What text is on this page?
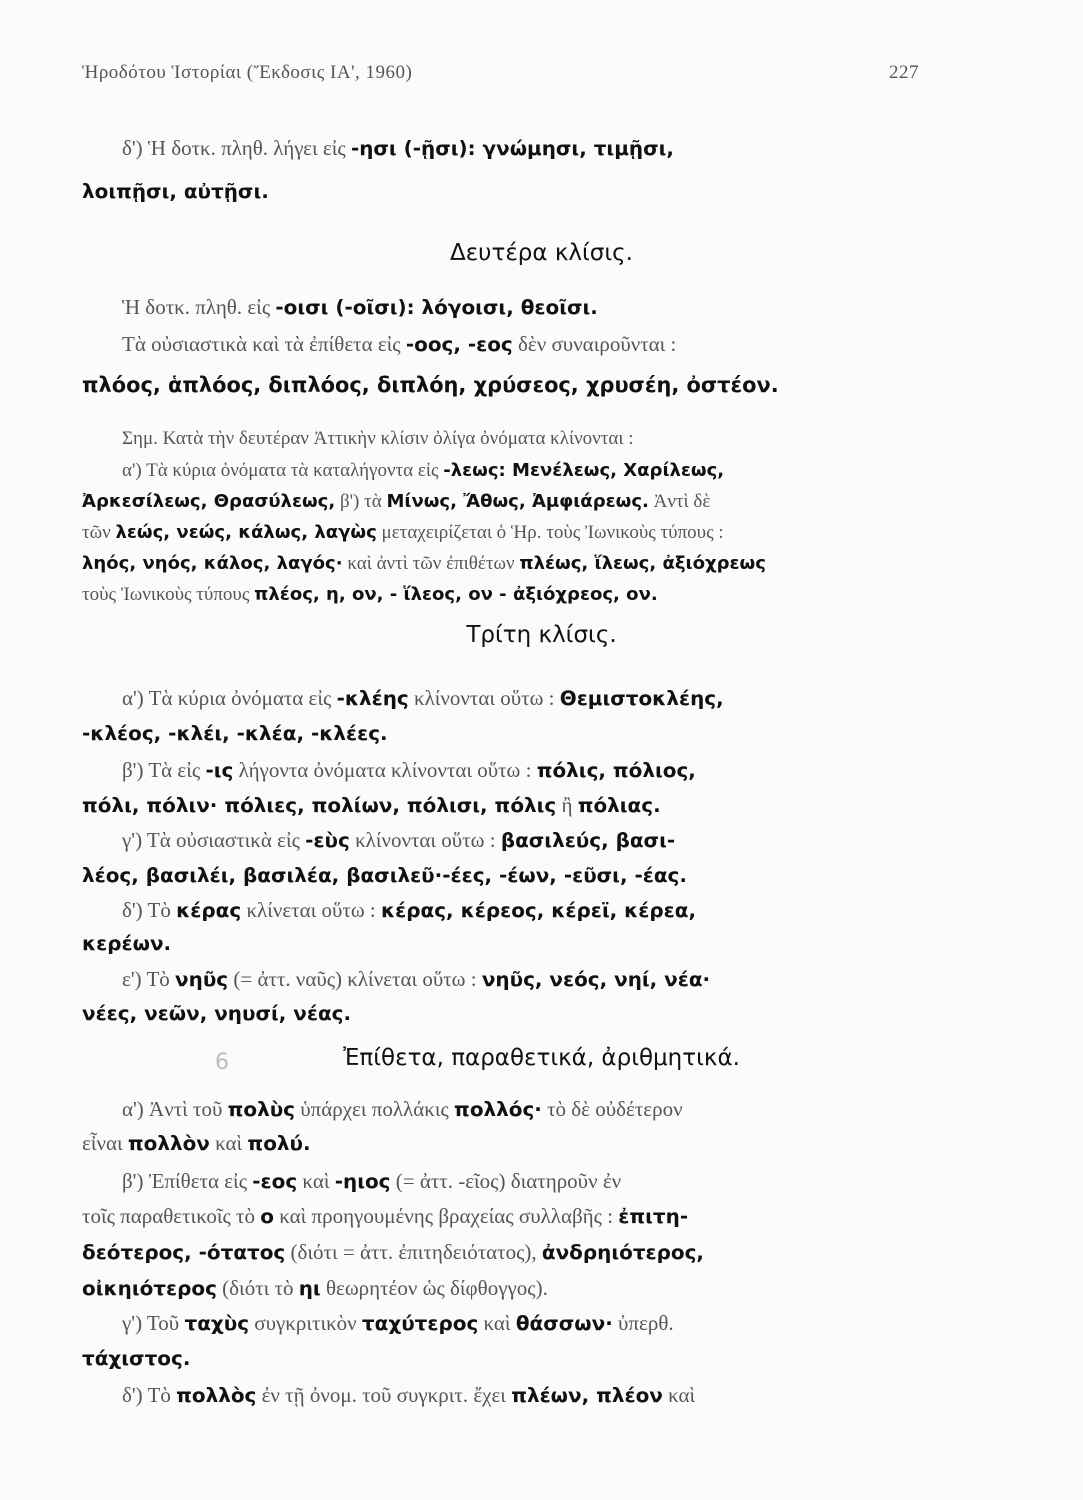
Ἡροδότου Ἱστορίαι (Ἔκδοσις ΙΑ', 1960)	227
δ') Ἡ δοτκ. πληθ. λήγει εἰς -ησι (-ῇσι): γνώμησι, τιμῇσι,
λοιπῇσι, αὐτῇσι.
Δευτέρα κλίσις.
Ἡ δοτκ. πληθ. εἰς -οισι (-οῖσι): λόγοισι, θεοῖσι.
Τὰ οὐσιαστικὰ καὶ τὰ ἐπίθετα εἰς -οος, -εος δὲν συναιροῦνται :
πλόος, ἁπλόος, διπλόος, διπλόη, χρύσεος, χρυσέη, ὀστέον.
Σημ. Κατὰ τὴν δευτέραν Ἀττικὴν κλίσιν ὀλίγα ὀνόματα κλίνονται :
α') Τὰ κύρια ὀνόματα τὰ καταλήγοντα εἰς -λεως: Μενέλεως, Χαρίλεως,
Ἀρκεσίλεως, Θρασύλεως, β') τὰ Μίνως, Ἄθως, Ἀμφιάρεως. Ἀντὶ δὲ
τῶν λεώς, νεώς, κάλως, λαγὼς μεταχειρίζεται ὁ Ἡρ. τοὺς Ἰωνικοὺς τύπους :
ληός, νηός, κάλος, λαγός· καὶ ἀντὶ τῶν ἐπιθέτων πλέως, ἵλεως, ἀξιόχρεως
τοὺς Ἰωνικοὺς τύπους πλέος, η, ον, - ἵλεος, ον - ἀξιόχρεος, ον.
Τρίτη κλίσις.
α') Τὰ κύρια ὀνόματα εἰς -κλέης κλίνονται οὕτω : Θεμιστοκλέης,
-κλέος, -κλέι, -κλέα, -κλέες.
β') Τὰ εἰς -ις λήγοντα ὀνόματα κλίνονται οὕτω : πόλις, πόλιος,
πόλι, πόλιν· πόλιες, πολίων, πόλισι, πόλις ἢ πόλιας.
γ') Τὰ οὐσιαστικὰ εἰς -εὺς κλίνονται οὕτω : βασιλεύς, βασι-
λέος, βασιλέι, βασιλέα, βασιλεῦ·-έες, -έων, -εῦσι, -έας.
δ') Τὸ κέρας κλίνεται οὕτω : κέρας, κέρεος, κέρεϊ, κέρεα,
κερέων.
ε') Τὸ νηῦς (= ἀττ. ναῦς) κλίνεται οὕτω : νηῦς, νεός, νηί, νέα·
νέες, νεῶν, νηυσί, νέας.
6	Ἐπίθετα, παραθετικά, ἀριθμητικά.
α') Ἀντὶ τοῦ πολὺς ὑπάρχει πολλάκις πολλός· τὸ δὲ οὐδέτερον
εἶναι πολλὸν καὶ πολύ.
β') Ἐπίθετα εἰς -εος καὶ -ηιος (= ἀττ. -εῖος) διατηροῦν ἐν
τοῖς παραθετικοῖς τὸ ο καὶ προηγουμένης βραχείας συλλαβῆς : ἐπιτη-
δεότερος, -ότατος (διότι = ἀττ. ἐπιτηδειότατος), ἀνδρηιότερος,
οἰκηιότερος (διότι τὸ ηι θεωρητέον ὡς δίφθογγος).
γ') Τοῦ ταχὺς συγκριτικὸν ταχύτερος καὶ θάσσων· ὑπερθ.
τάχιστος.
δ') Τὸ πολλὸς ἐν τῇ ὀνομ. τοῦ συγκριτ. ἔχει πλέων, πλέον καὶ
